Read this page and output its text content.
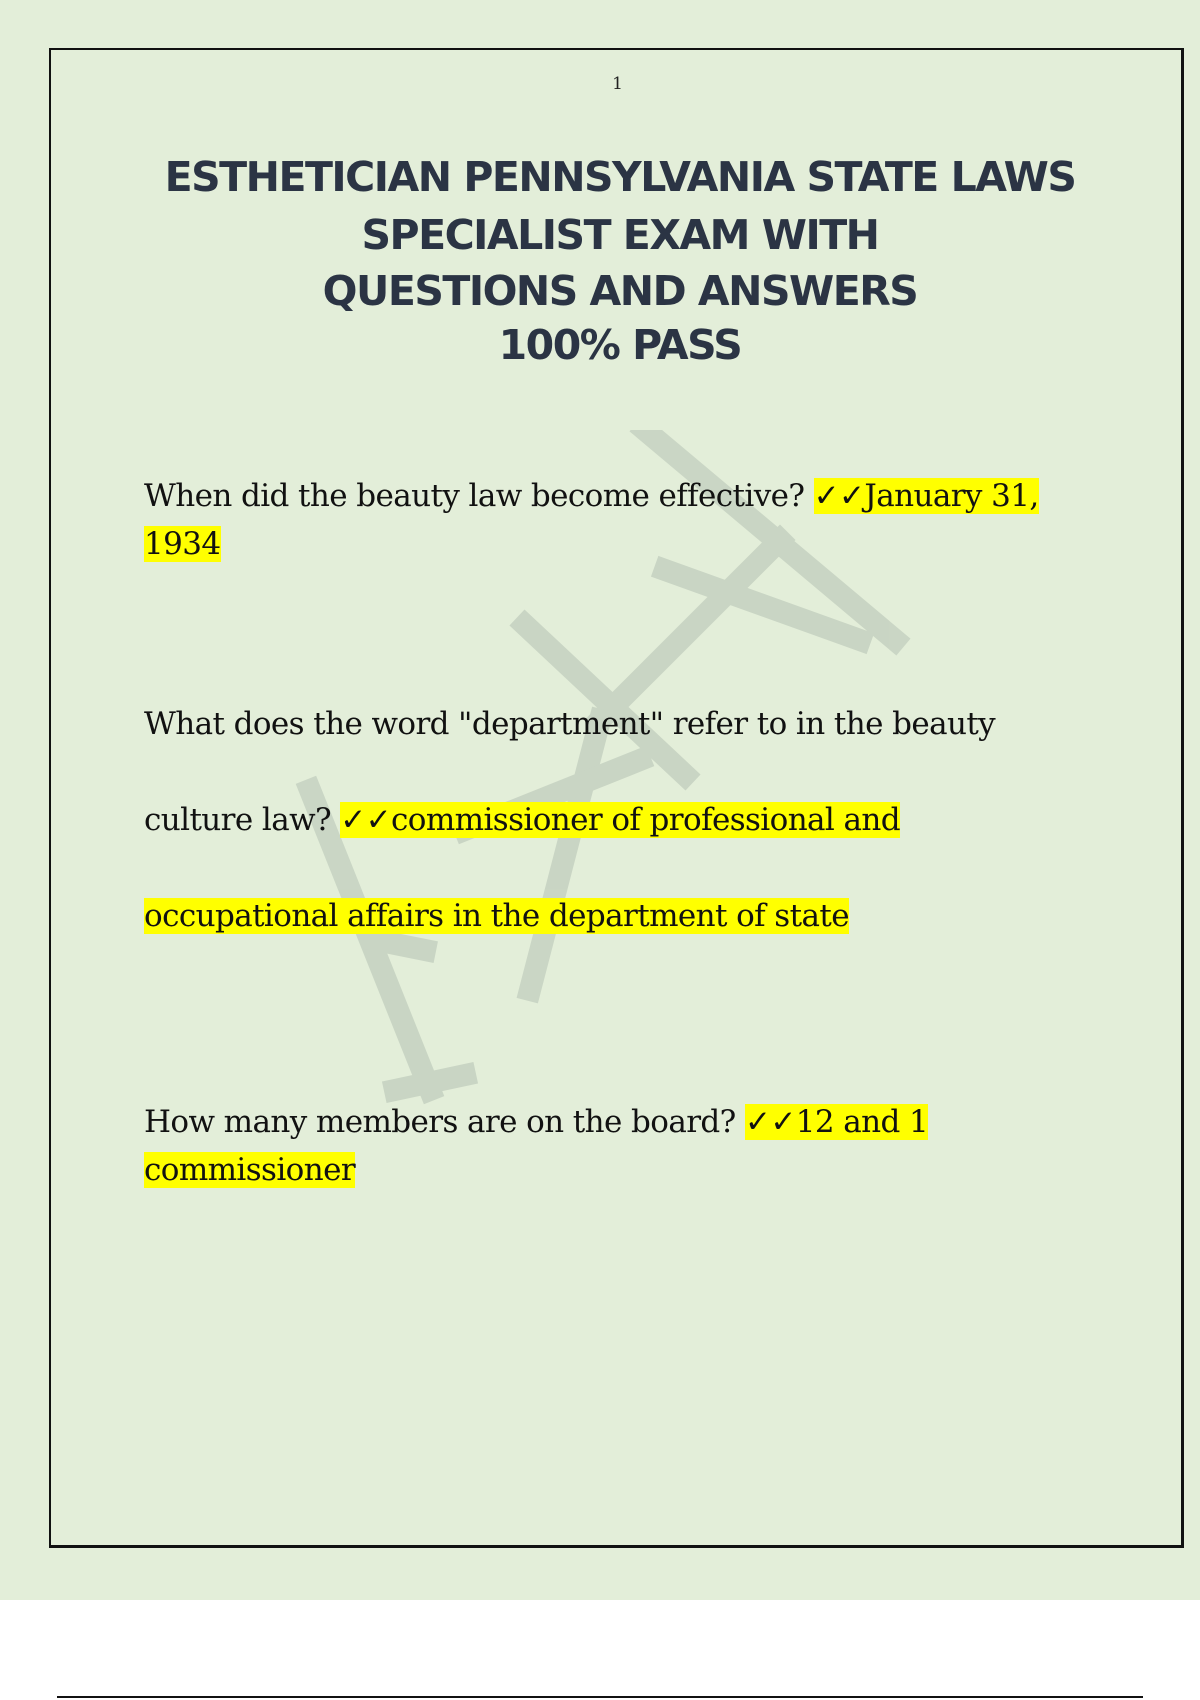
1
ESTHETICIAN PENNSYLVANIA STATE LAWS
SPECIALIST EXAM WITH
QUESTIONS AND ANSWERS
100% PASS
When did the beauty law become effective? ✓✓January 31, 1934
What does the word "department" refer to in the beauty
culture law? ✓✓commissioner of professional and
occupational affairs in the department of state
How many members are on the board? ✓✓12 and 1 commissioner
